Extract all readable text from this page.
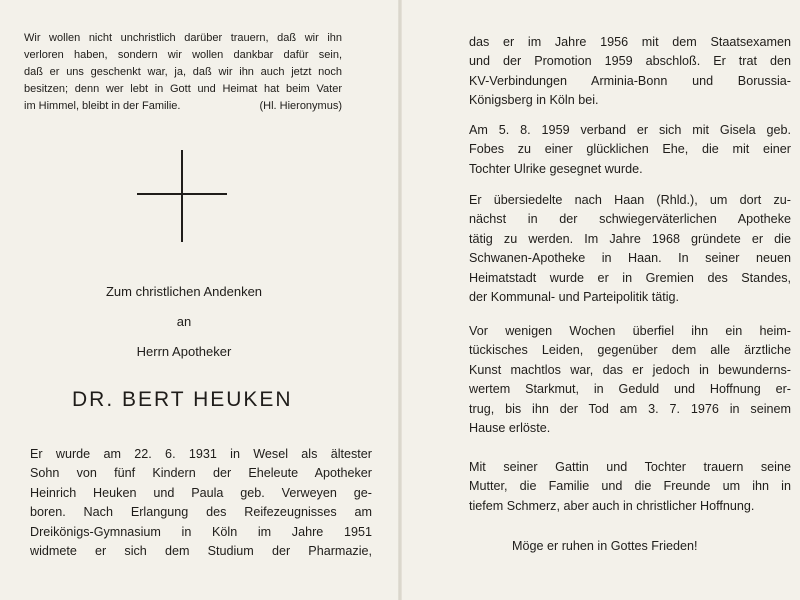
Wir wollen nicht unchristlich darüber trauern, daß wir ihn
verloren haben, sondern wir wollen dankbar dafür sein,
daß er uns geschenkt war, ja, daß wir ihn auch jetzt noch
besitzen; denn wer lebt in Gott und Heimat hat beim Vater
im Himmel, bleibt in der Familie.	(Hl. Hieronymus)
Zum christlichen Andenken
an
Herrn Apotheker
DR. BERT HEUKEN
Er wurde am 22. 6. 1931 in Wesel als ältester
Sohn von fünf Kindern der Eheleute Apotheker
Heinrich Heuken und Paula geb. Verweyen ge-
boren. Nach Erlangung des Reifezeugnisses am
Dreikönigs-Gymnasium in Köln im Jahre 1951
widmete er sich dem Studium der Pharmazie,
das er im Jahre 1956 mit dem Staatsexamen
und der Promotion 1959 abschloß. Er trat den
KV-Verbindungen Arminia-Bonn und Borussia-
Königsberg in Köln bei.
Am 5. 8. 1959 verband er sich mit Gisela geb.
Fobes zu einer glücklichen Ehe, die mit einer
Tochter Ulrike gesegnet wurde.
Er übersiedelte nach Haan (Rhld.), um dort zu-
nächst in der schwiegerväterlichen Apotheke
tätig zu werden. Im Jahre 1968 gründete er die
Schwanen-Apotheke in Haan. In seiner neuen
Heimatstadt wurde er in Gremien des Standes,
der Kommunal- und Parteipolitik tätig.
Vor wenigen Wochen überfiel ihn ein heim-
tückisches Leiden, gegenüber dem alle ärztliche
Kunst machtlos war, das er jedoch in bewunderns-
wertem Starkmut, in Geduld und Hoffnung er-
trug, bis ihn der Tod am 3. 7. 1976 in seinem
Hause erlöste.
Mit seiner Gattin und Tochter trauern seine
Mutter, die Familie und die Freunde um ihn in
tiefem Schmerz, aber auch in christlicher Hoffnung.
Möge er ruhen in Gottes Frieden!
